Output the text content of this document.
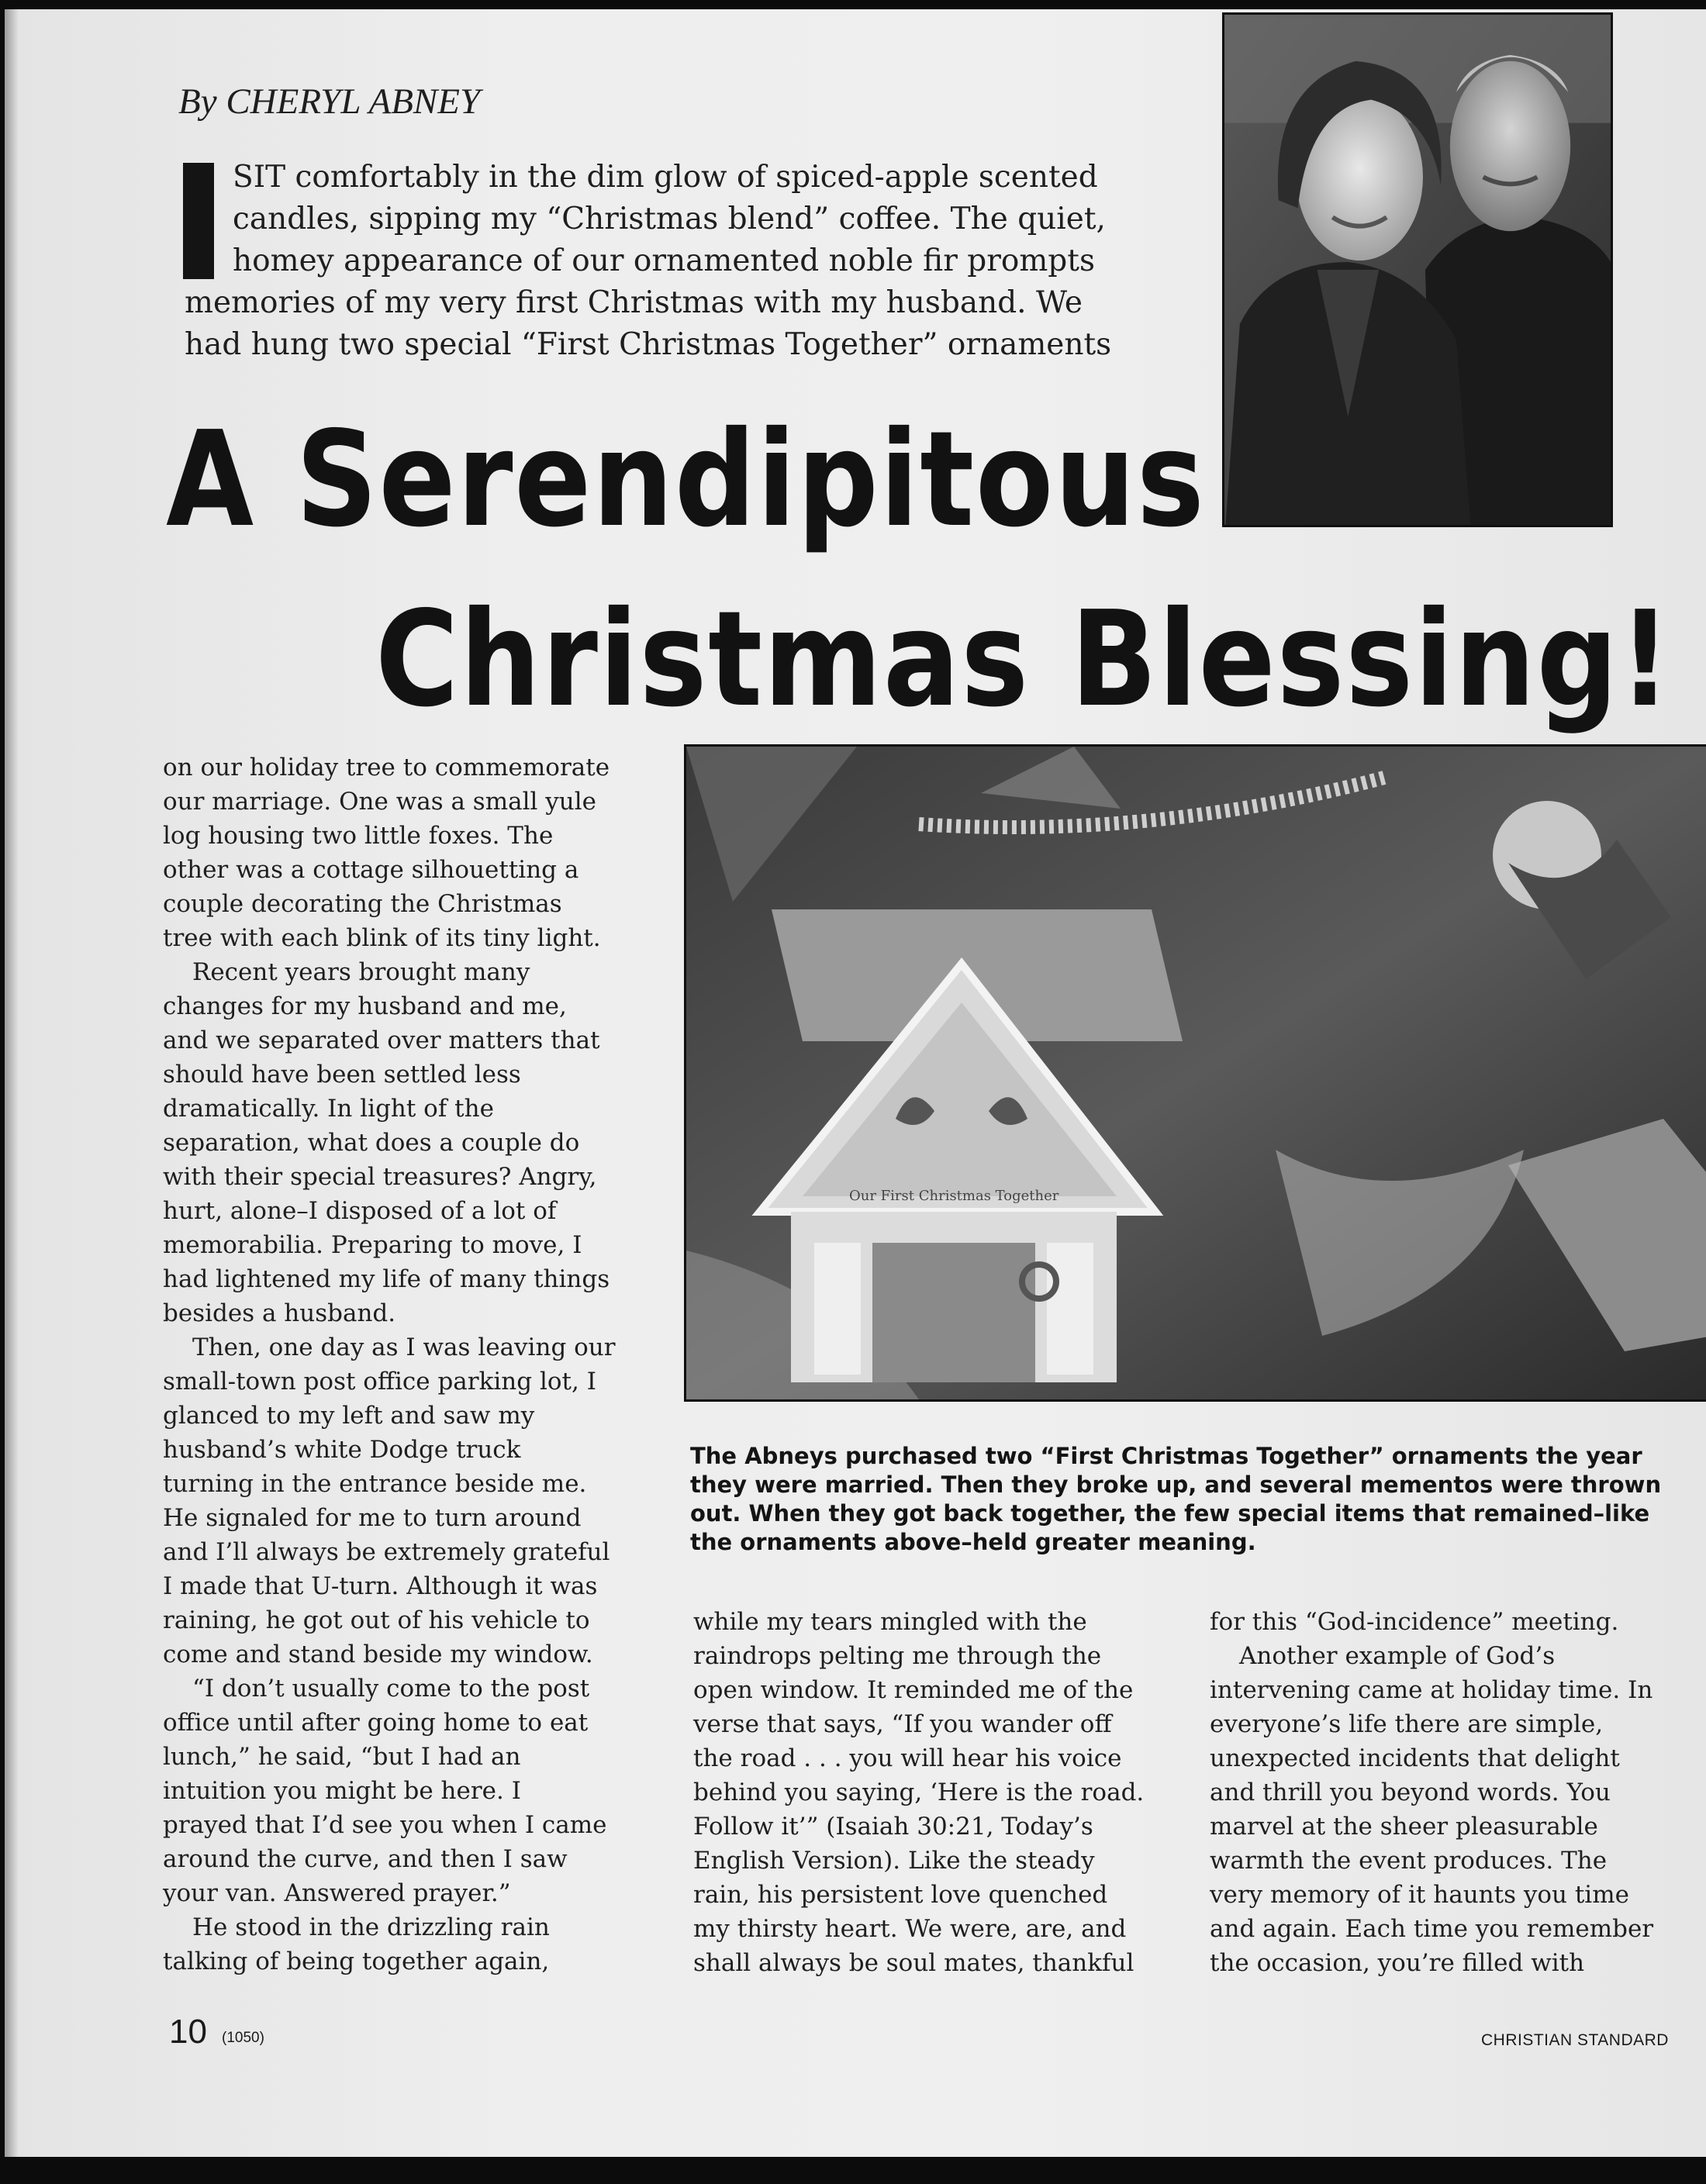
By CHERYL ABNEY

SIT comfortably in the dim glow of spiced-apple scented
candles, sipping my “Christmas blend” coffee. The quiet,
homey appearance of our ornamented noble fir prompts
memories of my very first Christmas with my husband. We
had hung two special “First Christmas Together” ornaments
A Serendipitous
Christmas Blessing!
Our First Christmas Together
The Abneys purchased two “First Christmas Together” ornaments the year
they were married. Then they broke up, and several mementos were thrown
out. When they got back together, the few special items that remained–like
the ornaments above–held greater meaning.
on our holiday tree to commemorate
our marriage. One was a small yule
log housing two little foxes. The
other was a cottage silhouetting a
couple decorating the Christmas
tree with each blink of its tiny light.
Recent years brought many
changes for my husband and me,
and we separated over matters that
should have been settled less
dramatically. In light of the
separation, what does a couple do
with their special treasures? Angry,
hurt, alone–I disposed of a lot of
memorabilia. Preparing to move, I
had lightened my life of many things
besides a husband.
Then, one day as I was leaving our
small-town post office parking lot, I
glanced to my left and saw my
husband’s white Dodge truck
turning in the entrance beside me.
He signaled for me to turn around
and I’ll always be extremely grateful
I made that U-turn. Although it was
raining, he got out of his vehicle to
come and stand beside my window.
“I don’t usually come to the post
office until after going home to eat
lunch,” he said, “but I had an
intuition you might be here. I
prayed that I’d see you when I came
around the curve, and then I saw
your van. Answered prayer.”
He stood in the drizzling rain
talking of being together again,
while my tears mingled with the
raindrops pelting me through the
open window. It reminded me of the
verse that says, “If you wander off
the road . . . you will hear his voice
behind you saying, ‘Here is the road.
Follow it’” (Isaiah 30:21, Today’s
English Version). Like the steady
rain, his persistent love quenched
my thirsty heart. We were, are, and
shall always be soul mates, thankful
for this “God-incidence” meeting.
Another example of God’s
intervening came at holiday time. In
everyone’s life there are simple,
unexpected incidents that delight
and thrill you beyond words. You
marvel at the sheer pleasurable
warmth the event produces. The
very memory of it haunts you time
and again. Each time you remember
the occasion, you’re filled with
10 (1050)	CHRISTIAN STANDARD
